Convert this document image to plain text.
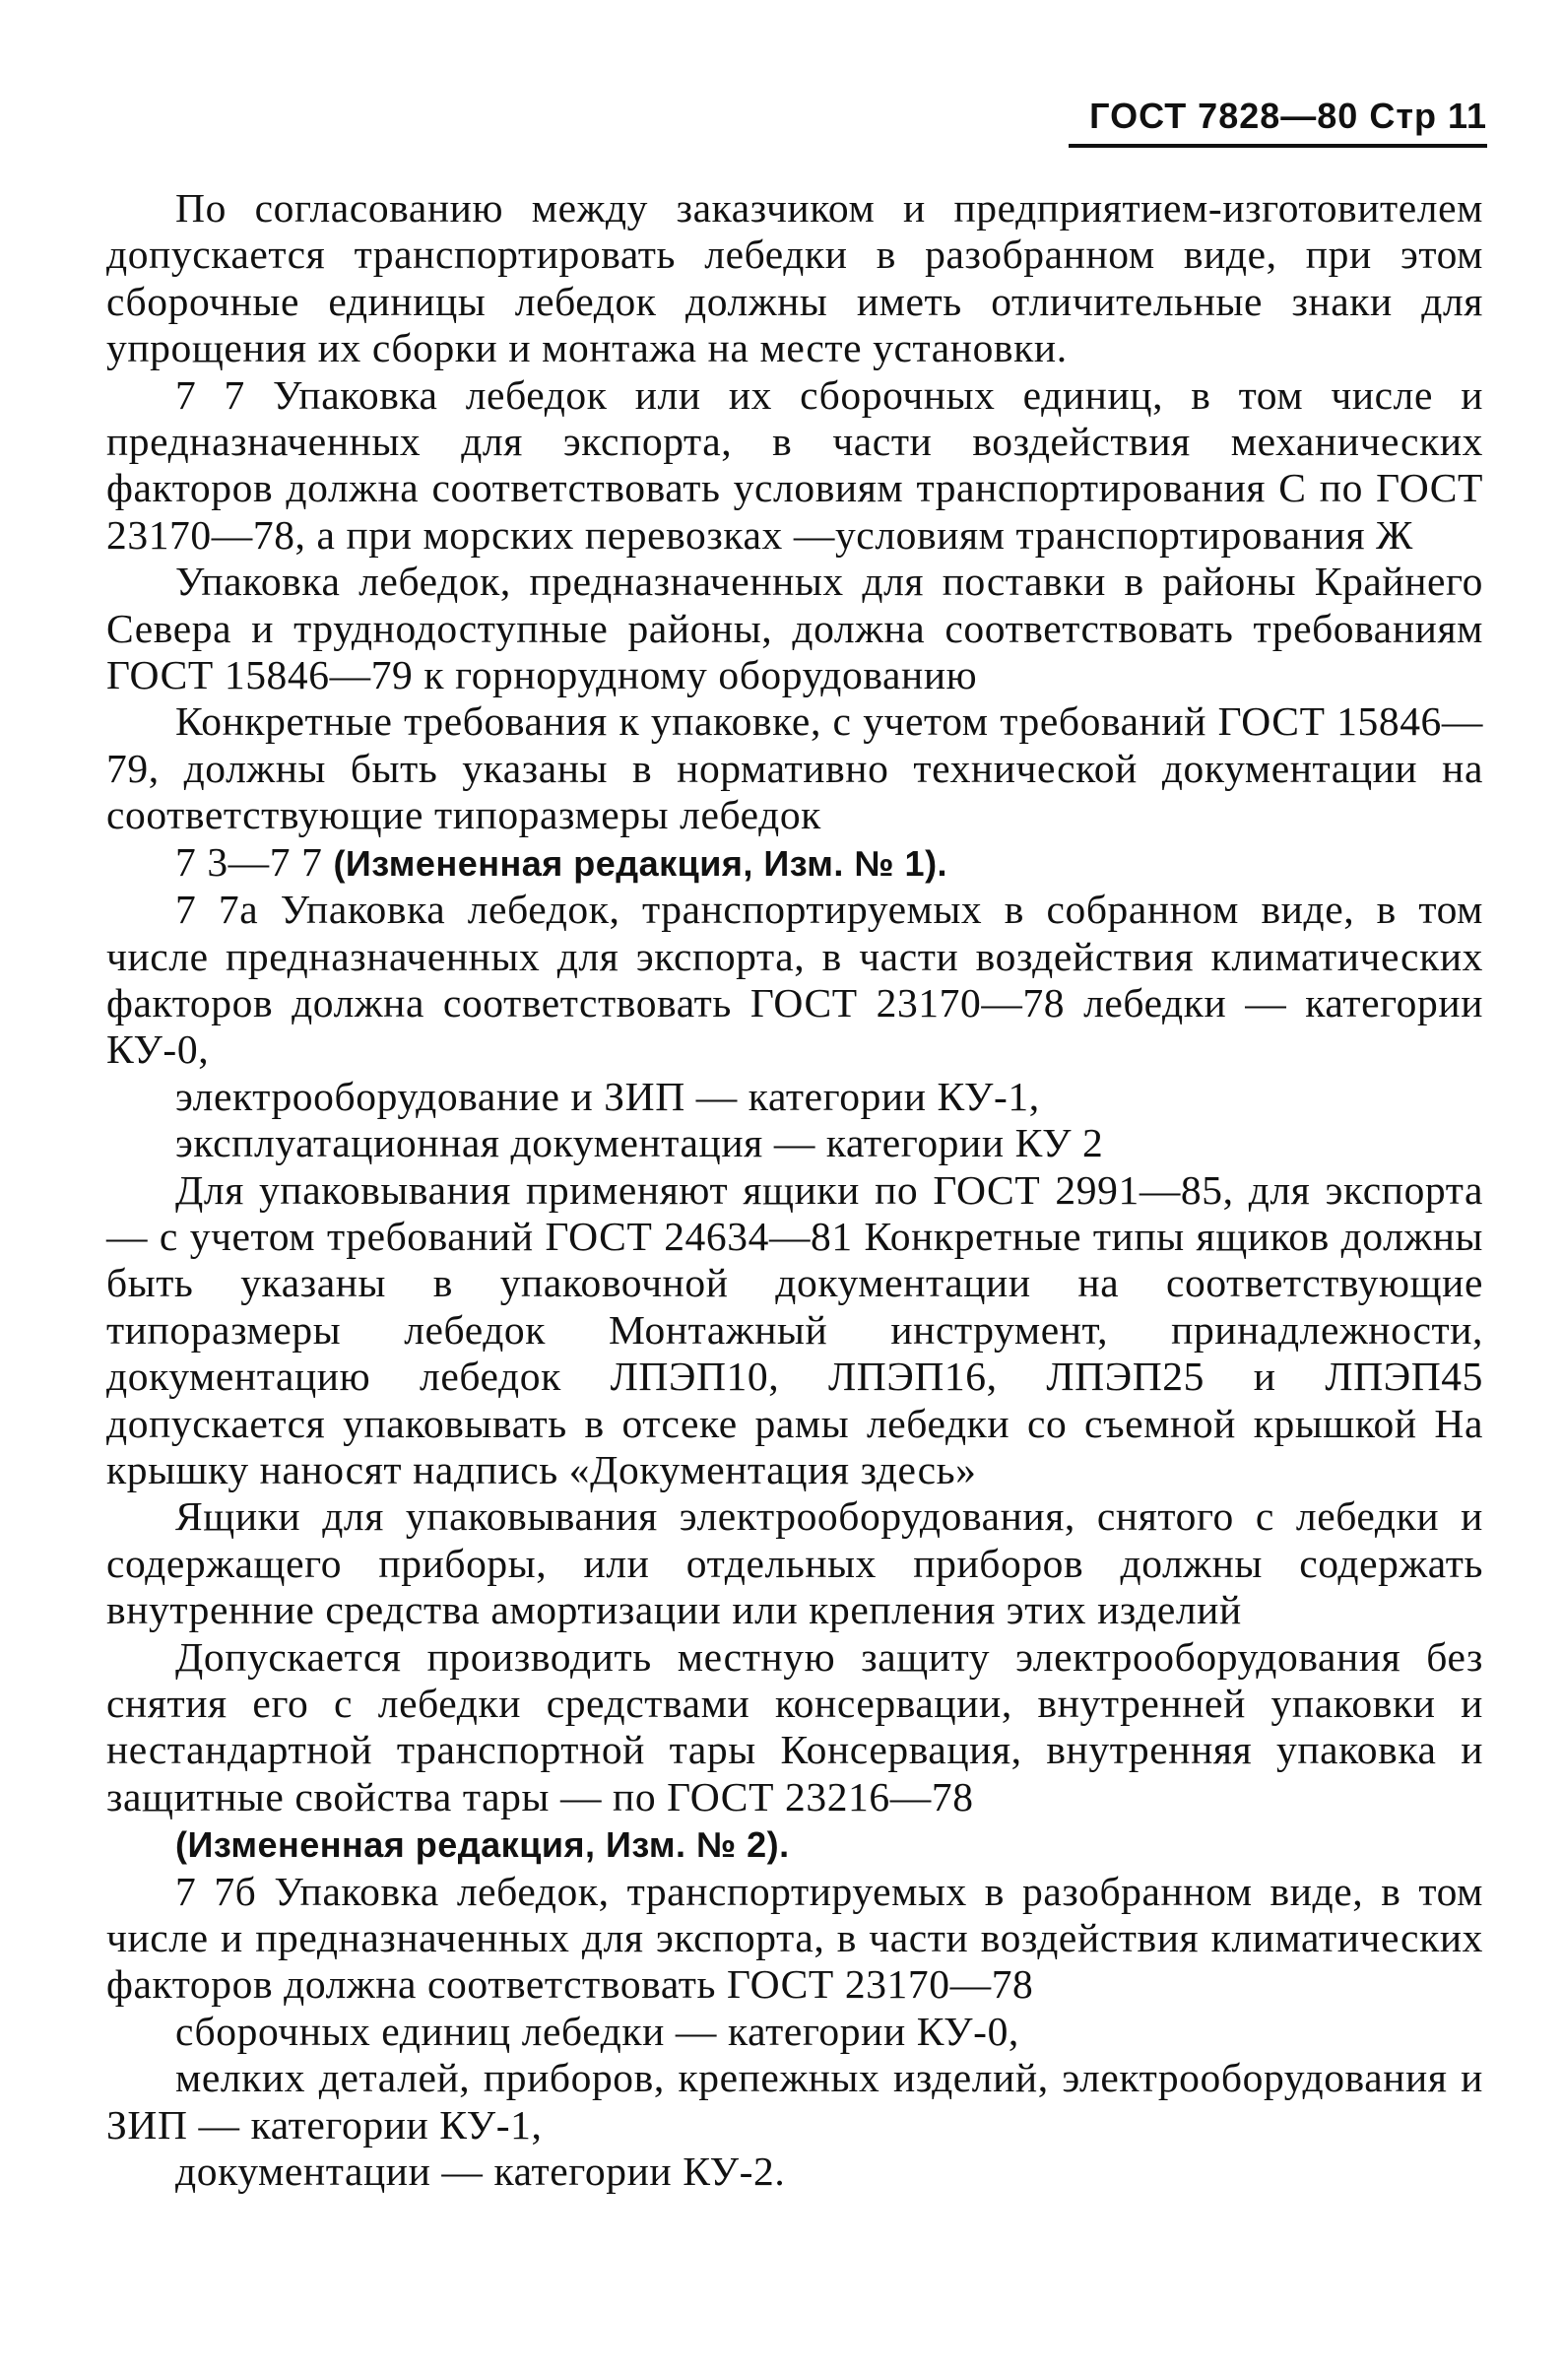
ГОСТ 7828—80 Стр 11

По согласованию между заказчиком и предприятием-изготовителем допускается транспортировать лебедки в разобранном виде, при этом сборочные единицы лебедок должны иметь отличительные знаки для упрощения их сборки и монтажа на месте установки.

7 7 Упаковка лебедок или их сборочных единиц, в том числе и предназначенных для экспорта, в части воздействия механических факторов должна соответствовать условиям транспортирования С по ГОСТ 23170—78, а при морских перевозках —условиям транспортирования Ж

Упаковка лебедок, предназначенных для поставки в районы Крайнего Севера и труднодоступные районы, должна соответствовать требованиям ГОСТ 15846—79 к горнорудному оборудованию

Конкретные требования к упаковке, с учетом требований ГОСТ 15846—79, должны быть указаны в нормативно технической документации на соответствующие типоразмеры лебедок

7 3—7 7 (Измененная редакция, Изм. № 1).

7 7а Упаковка лебедок, транспортируемых в собранном виде, в том числе предназначенных для экспорта, в части воздействия климатических факторов должна соответствовать ГОСТ 23170—78 лебедки — категории КУ-0,

электрооборудование и ЗИП — категории КУ-1,

эксплуатационная документация — категории КУ 2

Для упаковывания применяют ящики по ГОСТ 2991—85, для экспорта — с учетом требований ГОСТ 24634—81 Конкретные типы ящиков должны быть указаны в упаковочной документации на соответствующие типоразмеры лебедок Монтажный инструмент, принадлежности, документацию лебедок ЛПЭП10, ЛПЭП16, ЛПЭП25 и ЛПЭП45 допускается упаковывать в отсеке рамы лебедки со съемной крышкой На крышку наносят надпись «Документация здесь»

Ящики для упаковывания электрооборудования, снятого с лебедки и содержащего приборы, или отдельных приборов должны содержать внутренние средства амортизации или крепления этих изделий

Допускается производить местную защиту электрооборудования без снятия его с лебедки средствами консервации, внутренней упаковки и нестандартной транспортной тары Консервация, внутренняя упаковка и защитные свойства тары — по ГОСТ 23216—78

(Измененная редакция, Изм. № 2).

7 7б Упаковка лебедок, транспортируемых в разобранном виде, в том числе и предназначенных для экспорта, в части воздействия климатических факторов должна соответствовать ГОСТ 23170—78

сборочных единиц лебедки — категории КУ-0,

мелких деталей, приборов, крепежных изделий, электрооборудования и ЗИП — категории КУ-1,

документации — категории КУ-2.
